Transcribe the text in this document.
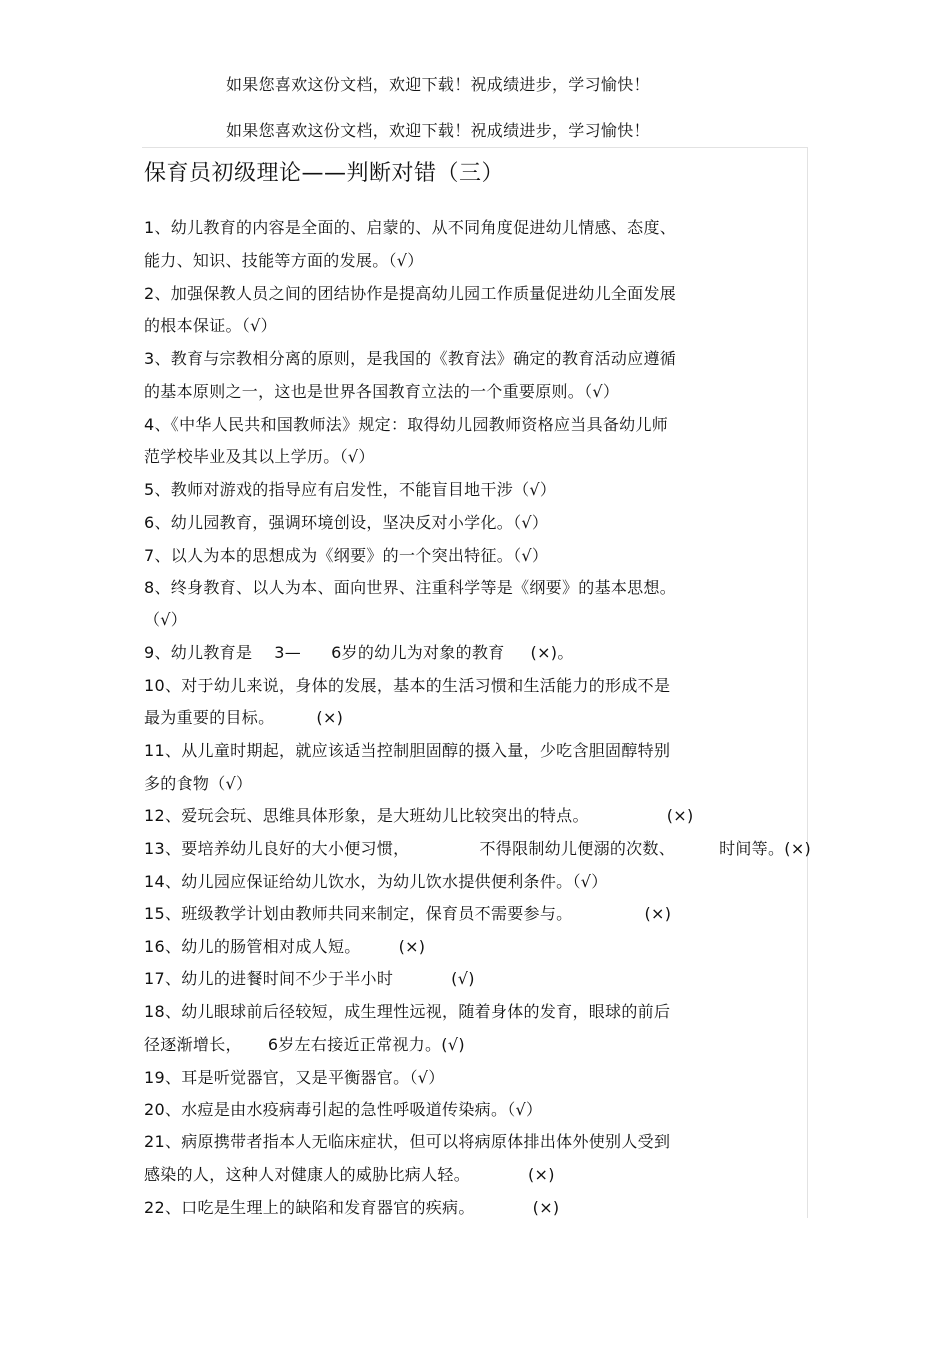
如果您喜欢这份文档，欢迎下载！祝成绩进步，学习愉快！
如果您喜欢这份文档，欢迎下载！祝成绩进步，学习愉快！
保育员初级理论——判断对错（三）
1、幼儿教育的内容是全面的、启蒙的、从不同角度促进幼儿情感、态度、
能力、知识、技能等方面的发展。（√）
2、加强保教人员之间的团结协作是提高幼儿园工作质量促进幼儿全面发展
的根本保证。（√）
3、教育与宗教相分离的原则，是我国的《教育法》确定的教育活动应遵循
的基本原则之一，这也是世界各国教育立法的一个重要原则。（√）
4、《中华人民共和国教师法》规定：取得幼儿园教师资格应当具备幼儿师
范学校毕业及其以上学历。（√）
5、教师对游戏的指导应有启发性，不能盲目地干涉（√）
6、幼儿园教育，强调环境创设，坚决反对小学化。（√）
7、以人为本的思想成为《纲要》的一个突出特征。（√）
8、终身教育、以人为本、面向世界、注重科学等是《纲要》的基本思想。
（√）
9、幼儿教育是 3— 6岁的幼儿为对象的教育 (×)。
10、对于幼儿来说，身体的发展，基本的生活习惯和生活能力的形成不是
最为重要的目标。	(×)
11、从儿童时期起，就应该适当控制胆固醇的摄入量，少吃含胆固醇特别
多的食物（√）
12、爱玩会玩、思维具体形象，是大班幼儿比较突出的特点。	(×)
13、要培养幼儿良好的大小便习惯，	不得限制幼儿便溺的次数、	时间等。(×)
14、幼儿园应保证给幼儿饮水，为幼儿饮水提供便利条件。（√）
15、班级教学计划由教师共同来制定，保育员不需要参与。	(×)
16、幼儿的肠管相对成人短。 (×)
17、幼儿的进餐时间不少于半小时	(√)
18、幼儿眼球前后径较短，成生理性远视，随着身体的发育，眼球的前后
径逐渐增长， 6岁左右接近正常视力。(√)
19、耳是听觉器官，又是平衡器官。（√）
20、水痘是由水疫病毒引起的急性呼吸道传染病。（√）
21、病原携带者指本人无临床症状，但可以将病原体排出体外使别人受到
感染的人，这种人对健康人的威胁比病人轻。	(×)
22、口吃是生理上的缺陷和发育器官的疾病。	(×)
